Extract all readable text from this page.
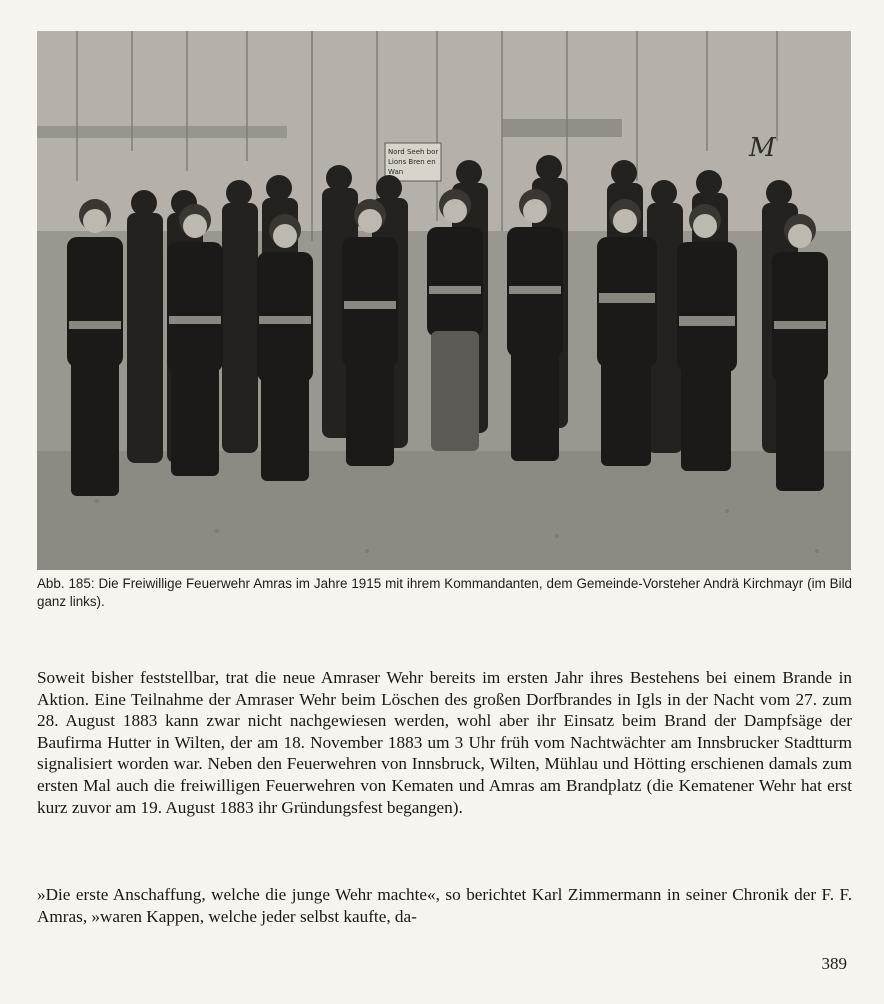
Nord Seeh bor
Lions Bren en
Wan
M
Abb. 185: Die Freiwillige Feuerwehr Amras im Jahre 1915 mit ihrem Kommandanten, dem Gemeinde-Vorsteher Andrä Kirchmayr (im Bild ganz links).
Soweit bisher feststellbar, trat die neue Amraser Wehr bereits im ersten Jahr ihres Bestehens bei einem Brande in Aktion. Eine Teilnahme der Amraser Wehr beim Löschen des großen Dorfbrandes in Igls in der Nacht vom 27. zum 28. August 1883 kann zwar nicht nachgewiesen werden, wohl aber ihr Einsatz beim Brand der Dampfsäge der Baufirma Hutter in Wilten, der am 18. November 1883 um 3 Uhr früh vom Nachtwächter am Innsbrucker Stadtturm signalisiert worden war. Neben den Feuerwehren von Innsbruck, Wilten, Mühlau und Hötting erschienen damals zum ersten Mal auch die freiwilligen Feuerwehren von Kematen und Amras am Brandplatz (die Kematener Wehr hat erst kurz zuvor am 19. August 1883 ihr Gründungsfest begangen).
»Die erste Anschaffung, welche die junge Wehr machte«, so berichtet Karl Zimmermann in seiner Chronik der F. F. Amras, »waren Kappen, welche jeder selbst kaufte, da-
389
